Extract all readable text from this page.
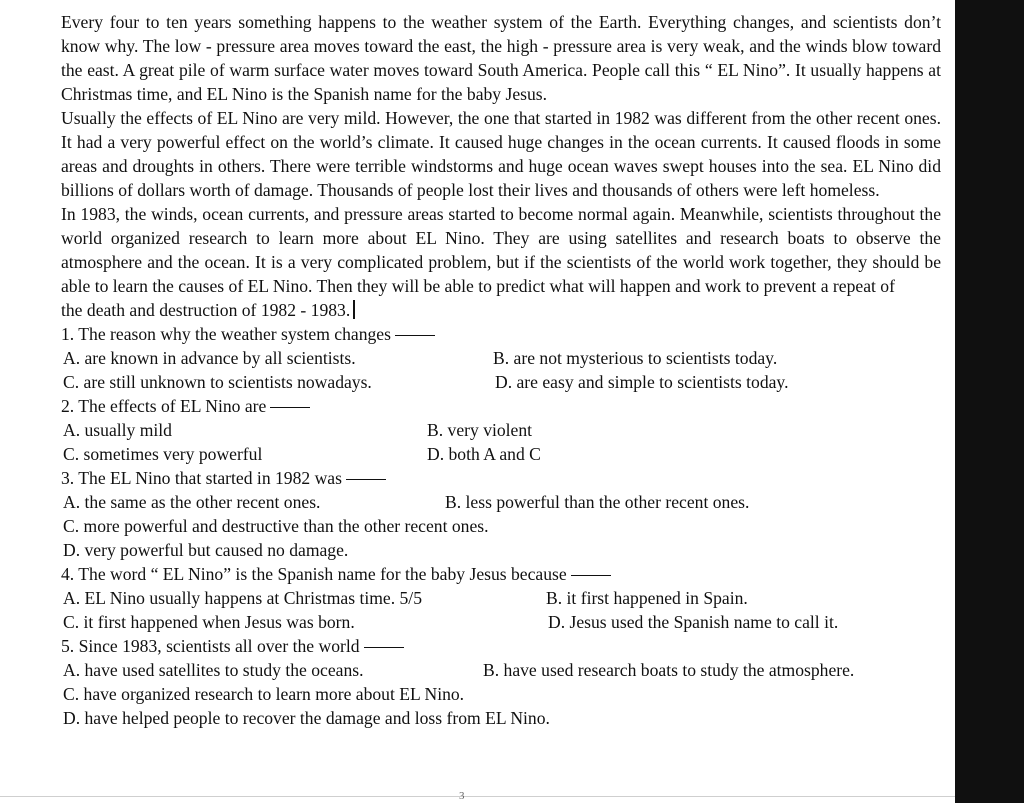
Every four to ten years something happens to the weather system of the Earth. Everything changes, and scientists don’t know why. The low - pressure area moves toward the east, the high - pressure area is very weak, and the winds blow toward the east. A great pile of warm surface water moves toward South America. People call this “ EL Nino”. It usually happens at Christmas time, and EL Nino is the Spanish name for the baby Jesus.

Usually the effects of EL Nino are very mild. However, the one that started in 1982 was different from the other recent ones. It had a very powerful effect on the world’s climate. It caused huge changes in the ocean currents. It caused floods in some areas and droughts in others. There were terrible windstorms and huge ocean waves swept houses into the sea. EL Nino did billions of dollars worth of damage. Thousands of people lost their lives and thousands of others were left homeless.

In 1983, the winds, ocean currents, and pressure areas started to become normal again. Meanwhile, scientists throughout the world organized research to learn more about EL Nino. They are using satellites and research boats to observe the atmosphere and the ocean. It is a very complicated problem, but if the scientists of the world work together, they should be able to learn the causes of EL Nino. Then they will be able to predict what will happen and work to prevent a repeat of

the death and destruction of 1982 - 1983.

1. The reason why the weather system changes

A. are known in advance by all scientists.	B. are not mysterious to scientists today.
C. are still unknown to scientists nowadays.	D. are easy and simple to scientists today.

2. The effects of EL Nino are

A. usually mild	B. very violent
C. sometimes very powerful	D. both A and C

3. The EL Nino that started in 1982 was

A. the same as the other recent ones.	B. less powerful than the other recent ones.
C. more powerful and destructive than the other recent ones.
D. very powerful but caused no damage.

4. The word “ EL Nino” is the Spanish name for the baby Jesus because

A. EL Nino usually happens at Christmas time. 5/5	B. it first happened in Spain.
C. it first happened when Jesus was born.	D. Jesus used the Spanish name to call it.

5. Since 1983, scientists all over the world

A. have used satellites to study the oceans.	B. have used research boats to study the atmosphere.
C. have organized research to learn more about EL Nino.
D. have helped people to recover the damage and loss from EL Nino.
3
